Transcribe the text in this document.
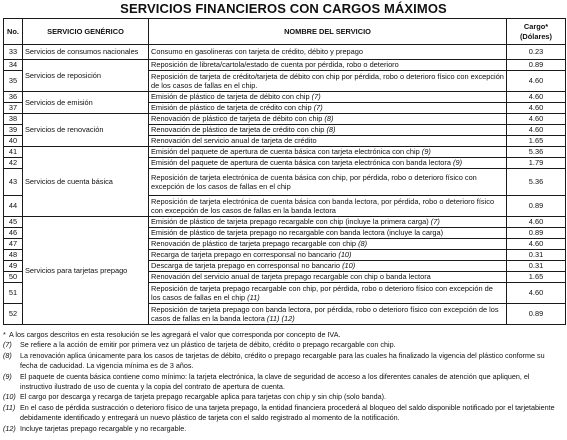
SERVICIOS FINANCIEROS CON CARGOS MÁXIMOS
No.	SERVICIO GENÉRICO	NOMBRE DEL SERVICIO	Cargo*
(Dólares)

33	Servicios de consumos nacionales	Consumo en gasolineras con tarjeta de crédito, débito y prepago	0.23
34	Servicios de reposición	Reposición de libreta/cartola/estado de cuenta por pérdida, robo o deterioro	0.89
35		Reposición de tarjeta de crédito/tarjeta de débito con chip por pérdida, robo o deterioro físico con excepción de los casos de fallas en el chip.	4.60
36	Servicios de emisión	Emisión de plástico de tarjeta de débito con chip (7)	4.60
37		Emisión de plástico de tarjeta de crédito con chip (7)	4.60
38	Servicios de renovación	Renovación de plástico de tarjeta de débito con chip (8)	4.60
39		Renovación de plástico de tarjeta de crédito con chip (8)	4.60
40		Renovación del servicio anual de tarjeta de crédito	1.65
41	Servicios de cuenta básica	Emisión del paquete de apertura de cuenta básica con tarjeta electrónica con chip (9)	5.36
42		Emisión del paquete de apertura de cuenta básica con tarjeta electrónica con banda lectora (9)	1.79
43		Reposición de tarjeta electrónica de cuenta básica con chip, por pérdida, robo o deterioro físico con excepción de los casos de fallas en el chip	5.36
44		Reposición de tarjeta electrónica de cuenta básica con banda lectora, por pérdida, robo o deterioro físico con excepción de los casos de fallas en la banda lectora	0.89
45	Servicios para tarjetas prepago	Emisión de plástico de tarjeta prepago recargable con chip (incluye la primera carga) (7)	4.60
46		Emisión de plástico de tarjeta prepago no recargable con banda lectora (incluye la carga)	0.89
47		Renovación de plástico de tarjeta prepago recargable con chip (8)	4.60
48		Recarga de tarjeta prepago en corresponsal no bancario (10)	0.31
49		Descarga de tarjeta prepago en corresponsal no bancario (10)	0.31
50		Renovación del servicio anual de tarjeta prepago recargable con chip o banda lectora	1.65
51		Reposición de tarjeta prepago recargable con chip, por pérdida, robo o deterioro físico con excepción de los casos de fallas en el chip (11)	4.60
52		Reposición de tarjeta prepago con banda lectora, por pérdida, robo o deterioro físico con excepción de los casos de fallas en la banda lectora (11) (12)	0.89
* A los cargos descritos en esta resolución se les agregará el valor que corresponda por concepto de IVA.
(7)	Se refiere a la acción de emitir por primera vez un plástico de tarjeta de débito, crédito o prepago recargable con chip.
(8)	La renovación aplica únicamente para los casos de tarjetas de débito, crédito o prepago recargable para las cuales ha finalizado la vigencia del plástico conforme su fecha de caducidad. La vigencia mínima es de 3 años.
(9)	El paquete de cuenta básica contiene como mínimo: la tarjeta electrónica, la clave de seguridad de acceso a los diferentes canales de atención que apliquen, el instructivo ilustrado de uso de cuenta y la copia del contrato de apertura de cuenta.
(10) El cargo por descarga y recarga de tarjeta prepago recargable aplica para tarjetas con chip y sin chip (solo banda).
(11) En el caso de pérdida sustracción o deterioro físico de una tarjeta prepago, la entidad financiera procederá al bloqueo del saldo disponible notificado por el tarjetabiente debidamente identificado y entregará un nuevo plástico de tarjeta con el saldo registrado al momento de la notificación.
(12) Incluye tarjetas prepago recargable y no recargable.
